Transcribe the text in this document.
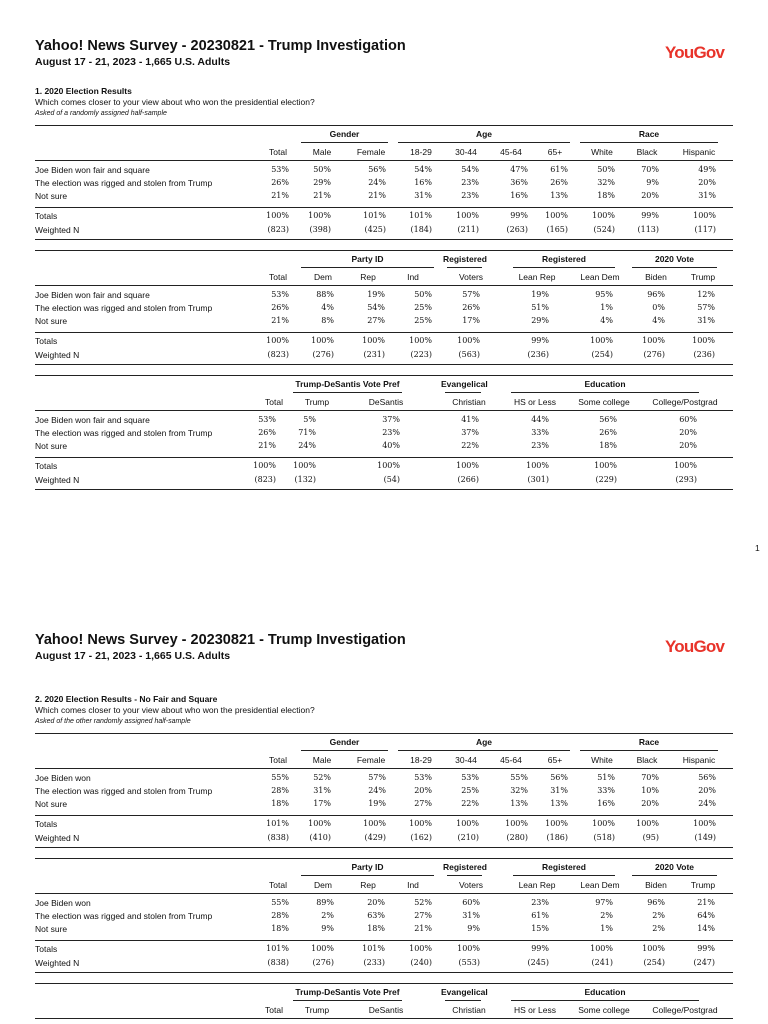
Yahoo! News Survey - 20230821 - Trump Investigation
August 17 - 21, 2023 - 1,665 U.S. Adults	YouGov
1. 2020 Election Results
Which comes closer to your view about who won the presidential election?
Asked of a randomly assigned half-sample
Gender	Age	Race
Total	Male	Female	18-29	30-44	45-64	65+	White	Black	Hispanic
Joe Biden won fair and square	53%	50%	56%	54%	54%	47%	61%	50%	70%	49%
The election was rigged and stolen from Trump	26%	29%	24%	16%	23%	36%	26%	32%	9%	20%
Not sure	21%	21%	21%	31%	23%	16%	13%	18%	20%	31%
Totals	100%	100%	101%	101%	100%	99%	100%	100%	99%	100%
Weighted N	(823)	(398)	(425)	(184)	(211)	(263)	(165)	(524)	(113)	(117)
Party ID	Registered	Registered	2020 Vote
Total	Dem	Rep	Ind	Voters	Lean Rep	Lean Dem	Biden	Trump
Joe Biden won fair and square	53%	88%	19%	50%	57%	19%	95%	96%	12%
The election was rigged and stolen from Trump	26%	4%	54%	25%	26%	51%	1%	0%	57%
Not sure	21%	8%	27%	25%	17%	29%	4%	4%	31%
Totals	100%	100%	100%	100%	100%	99%	100%	100%	100%
Weighted N	(823)	(276)	(231)	(223)	(563)	(236)	(254)	(276)	(236)
Trump-DeSantis Vote Pref	Evangelical	Education
Total	Trump	DeSantis	Christian	HS or Less	Some college	College/Postgrad
Joe Biden won fair and square	53%	5%	37%	41%	44%	56%	60%
The election was rigged and stolen from Trump	26%	71%	23%	37%	33%	26%	20%
Not sure	21%	24%	40%	22%	23%	18%	20%
Totals	100%	100%	100%	100%	100%	100%	100%
Weighted N	(823)	(132)	(54)	(266)	(301)	(229)	(293)
1
Yahoo! News Survey - 20230821 - Trump Investigation
August 17 - 21, 2023 - 1,665 U.S. Adults	YouGov
2. 2020 Election Results - No Fair and Square
Which comes closer to your view about who won the presidential election?
Asked of the other randomly assigned half-sample
Gender	Age	Race
Total	Male	Female	18-29	30-44	45-64	65+	White	Black	Hispanic
Joe Biden won	55%	52%	57%	53%	53%	55%	56%	51%	70%	56%
The election was rigged and stolen from Trump	28%	31%	24%	20%	25%	32%	31%	33%	10%	20%
Not sure	18%	17%	19%	27%	22%	13%	13%	16%	20%	24%
Totals	101%	100%	100%	100%	100%	100%	100%	100%	100%	100%
Weighted N	(838)	(410)	(429)	(162)	(210)	(280)	(186)	(518)	(95)	(149)
Party ID	Registered	Registered	2020 Vote
Total	Dem	Rep	Ind	Voters	Lean Rep	Lean Dem	Biden	Trump
Joe Biden won	55%	89%	20%	52%	60%	23%	97%	96%	21%
The election was rigged and stolen from Trump	28%	2%	63%	27%	31%	61%	2%	2%	64%
Not sure	18%	9%	18%	21%	9%	15%	1%	2%	14%
Totals	101%	100%	101%	100%	100%	99%	100%	100%	99%
Weighted N	(838)	(276)	(233)	(240)	(553)	(245)	(241)	(254)	(247)
Trump-DeSantis Vote Pref	Evangelical	Education
Total	Trump	DeSantis	Christian	HS or Less	Some college	College/Postgrad
